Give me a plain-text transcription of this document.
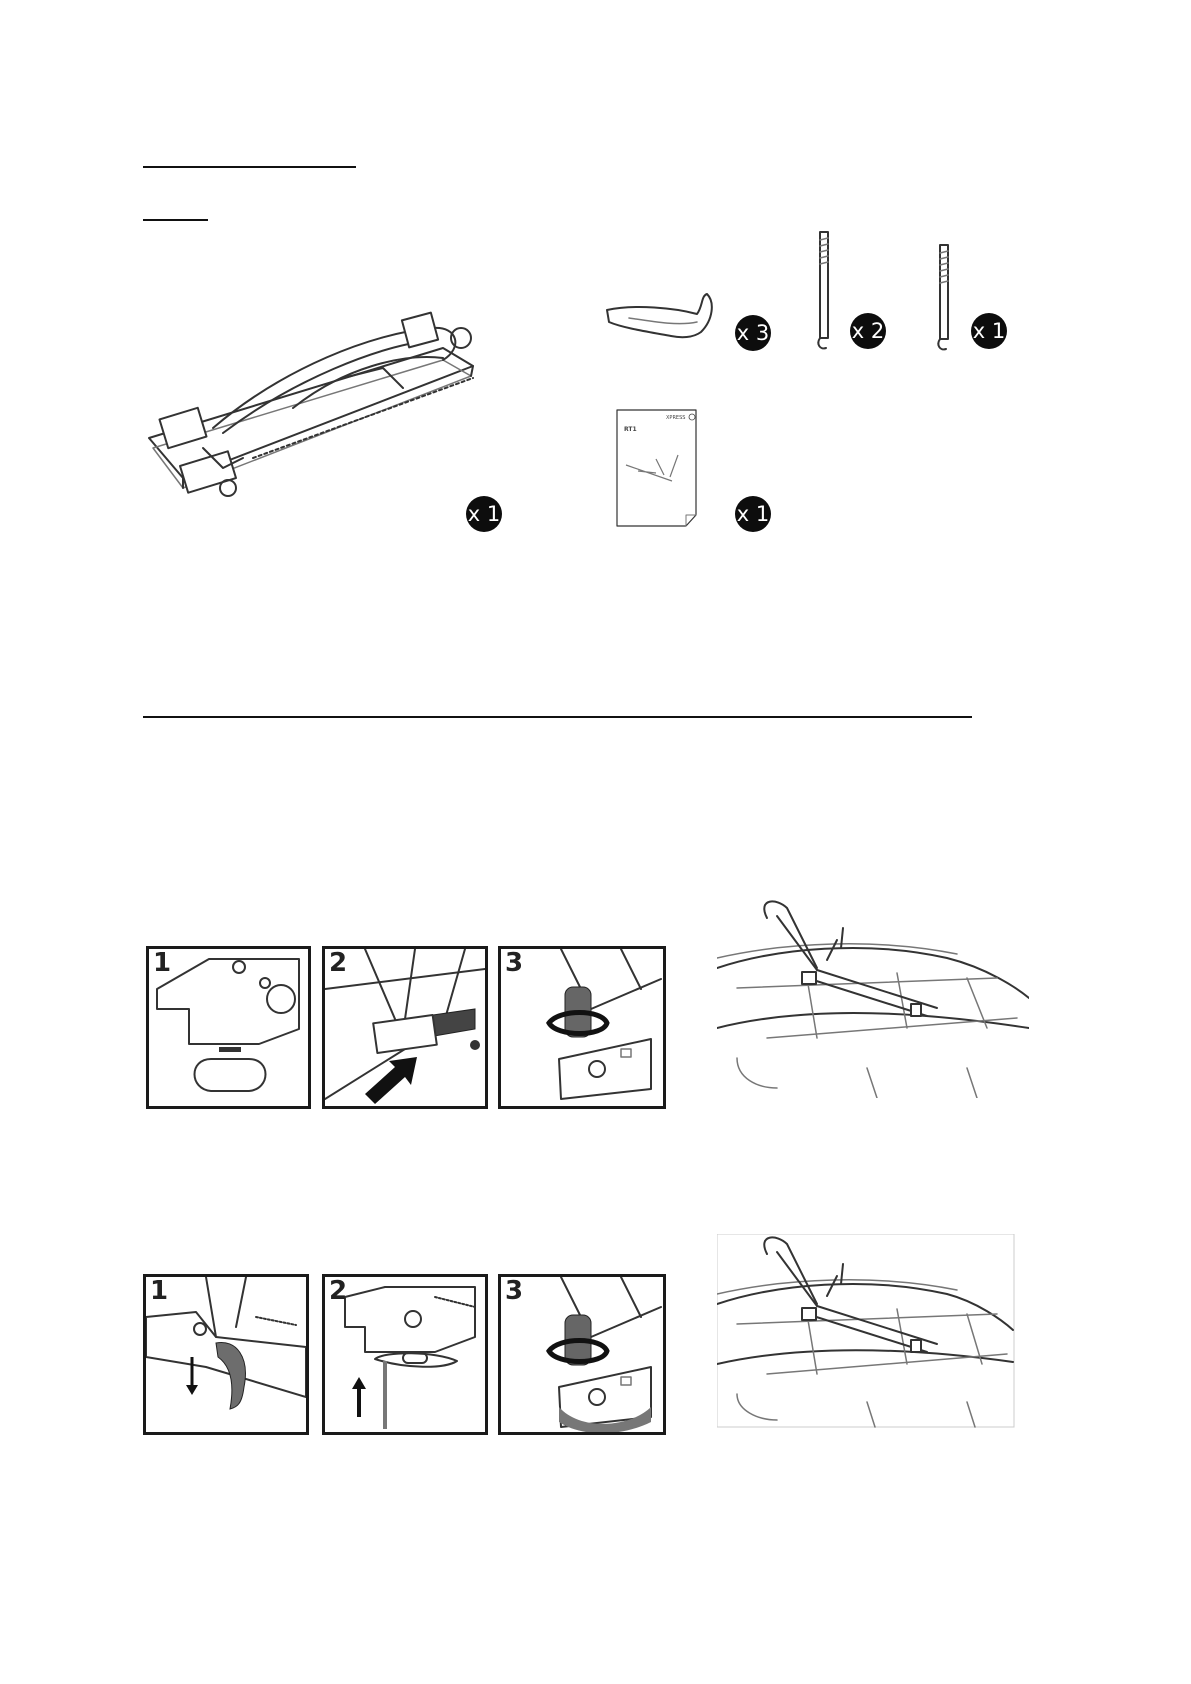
x 1
x 3	x 2	x 1
XPRESS
RT1
x 1
1	2	3
1	2	3
